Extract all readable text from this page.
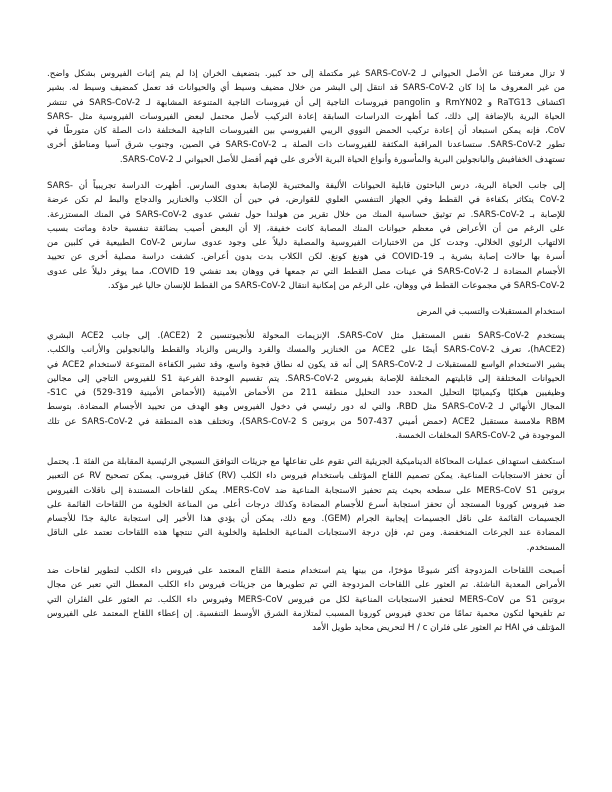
لا تزال معرفتنا عن الأصل الحيواني لـ SARS-CoV-2 غير مكتملة إلى حد كبير. بتضعيف الخران إذا لم يتم إثبات الفيروس بشكل واضح.
من غير المعروف ما إذا كان SARS-CoV-2 قد انتقل إلى البشر من خلال مضيف وسيط أي والحيوانات قد تعمل كمضيف وسيط له. بشير
اكتشاف RaTG13 و RmYN02 و pangolin فيروسات التاجية إلى أن فيروسات التاجية المتنوعة المشابهة لـ SARS-CoV-2 في تنتشر
الحياة البرية بالإضافة إلى ذلك، كما أظهرت الدراسات السابقة إعادة التركيب لأصل محتمل لبعض الفيروسات الفيروسية مثل -SARS
CoV، فإنه يمكن استبعاد أن إعادة تركيب الحمض النووي الريبي الفيروسي بين الفيروسات التاجية المختلفة ذات الصلة كان متورطًا في
تطور SARS-CoV-2. ستساعدنا المراقبة المكثفة للفيروسات ذات الصلة بـ SARS-CoV-2 في الصين، وجنوب شرق آسيا ومناطق أخرى
تستهدف الخفافيش والبانجولين البرية والمأسورة وأنواع الحياة البرية الأخرى على فهم أفضل للأصل الحيواني لـ SARS-CoV-2.
إلى جانب الحياة البرية، درس الباحثون قابلية الحيوانات الأليفة والمختبرية للإصابة بعدوى السارس. أظهرت الدراسة تجريبياً أن -SARS
CoV-2 يتكاثر بكفاءة في القطط وفي الجهاز التنفسي العلوي للقوارض، في حين أن الكلاب والخنازير والدجاج والبط لم تكن عرضة
للإصابة بـ SARS-CoV-2. تم توثيق حساسية المنك من خلال تقرير من هولندا حول تفشي عدوى SARS-CoV-2 في المنك المستزرعة.
على الرغم من أن الأعراض في معظم حيوانات المنك المصابة كانت خفيفة، إلا أن البعض أصيب بضائقة تنفسية حادة وماتت بسبب
الالتهاب الرئوي الخلالي. وجدت كل من الاختبارات الفيروسية والمصلية دليلاً على وجود عدوى سارس CoV-2 الطبيعية في كلبين من
أسرة بها حالات إصابة بشرية بـ COVID-19 في هونغ كونغ. لكن الكلاب بدت بدون أعراض. كشفت دراسة مصلية أخرى عن تحييد
الأجسام المضادة لـ SARS-CoV-2 في عينات مصل القطط التي تم جمعها في ووهان بعد تفشي COVID 19، مما يوفر دليلاً على عدوى
SARS-CoV-2 في مجموعات القطط في ووهان، على الرغم من إمكانية انتقال SARS-CoV-2 من القطط للإنسان حاليا غير مؤكد.
استخدام المستقبلات والتسبب في المرض
يستخدم SARS-CoV-2 نفس المستقبل مثل SARS-CoV، الإنزيمات المحولة للأنجيوتنسين 2 (ACE2). إلى جانب ACE2 البشري
(hACE2)، تعرف SARS-CoV-2 أيضًا على ACE2 من الخنازير والمسك والقرد والريس والزباد والقطط والبانجولين والأرانب والكلب.
يشير الاستخدام الواسع للمستقبلات لـ SARS-CoV-2 إلى أنه قد يكون له نطاق فجوة واسع، وقد تشير الكفاءة المتنوعة لاستخدام ACE2 في
الحيوانات المختلفة إلى قابليتهم المختلفة للإصابة بفيروس SARS-CoV-2. يتم تقسيم الوحدة الفرعية S1 للفيروس التاجي إلى مجالين
وظيفيين هيكليًا وكيميائيًا التحليل المحدد حدد التحليل منطقة 211 من الأحماض الأمينية (الأحماض الأمينية 319-529) في S1C-
المجال الأنهائي لـ SARS-CoV-2 مثل RBD، والتي له دور رئيسي في دخول الفيروس وهو الهدف من تحييد الأجسام المضادة. بتوسط
RBM ملامسة مستقبل ACE2 (حمض أميني 437-507 من بروتين SARS-CoV-2 S)، وتختلف هذه المنطقة في SARS-CoV-2 عن تلك
الموجودة في SARS-CoV-2 المخلفات الخمسة.
استكشف استهداف عمليات المحاكاة الديناميكية الجزيئية التي تقوم على تفاعلها مع جزيئات التوافق النسيجي الرئيسية المقابلة من الفئة 1. يحتمل
أن تحفز الاستجابات المناعية. يمكن تصميم اللقاح المؤتلف باستخدام فيروس داء الكلب (RV) كناقل فيروسي. يمكن تصحيح RV عن التعبير
بروتين MERS-CoV S1 على سطحه بحيث يتم تحفيز الاستجابة المناعية ضد MERS-CoV. يمكن للقاحات المستندة إلى ناقلات الفيروس
ضد فيروس كورونا المستجد أن تحفز استجابة أسرع للأجسام المضادة وكذلك درجات أعلى من المناعة الخلوية من اللقاحات القائمة على
الجسيمات القائمة على ناقل الجسيمات إيجابية الجرام (GEM). ومع ذلك، يمكن أن يؤدي هذا الأخير إلى استجابة عالية جدًا للأجسام
المضادة عند الجرعات المنخفضة. ومن ثم، فإن درجة الاستجابات المناعية الخلطية والخلوية التي تنتجها هذه اللقاحات تعتمد على الناقل
المستخدم.
أصبحت اللقاحات المزدوجة أكثر شيوعًا مؤخرًا، من بينها يتم استخدام منصة اللقاح المعتمد على فيروس داء الكلب لتطوير لقاحات ضد
الأمراض المعدية الناشئة. تم العثور على اللقاحات المزدوجة التي تم تطويرها من جزيئات فيروس داء الكلب المعطل التي تعبر عن مجال
بروتين S1 من MERS-CoV لتحفيز الاستجابات المناعية لكل من فيروس MERS-CoV وفيروس داء الكلب. تم العثور على الفئران التي
تم تلقيحها لتكون محمية تمامًا من تحدي فيروس كورونا المسبب لمتلازمة الشرق الأوسط التنفسية. إن إعطاء اللقاح المعتمد على الفيروس
المؤتلف في HAI تم العثور على فئران H / c لتحريض محايد طويل الأمد
